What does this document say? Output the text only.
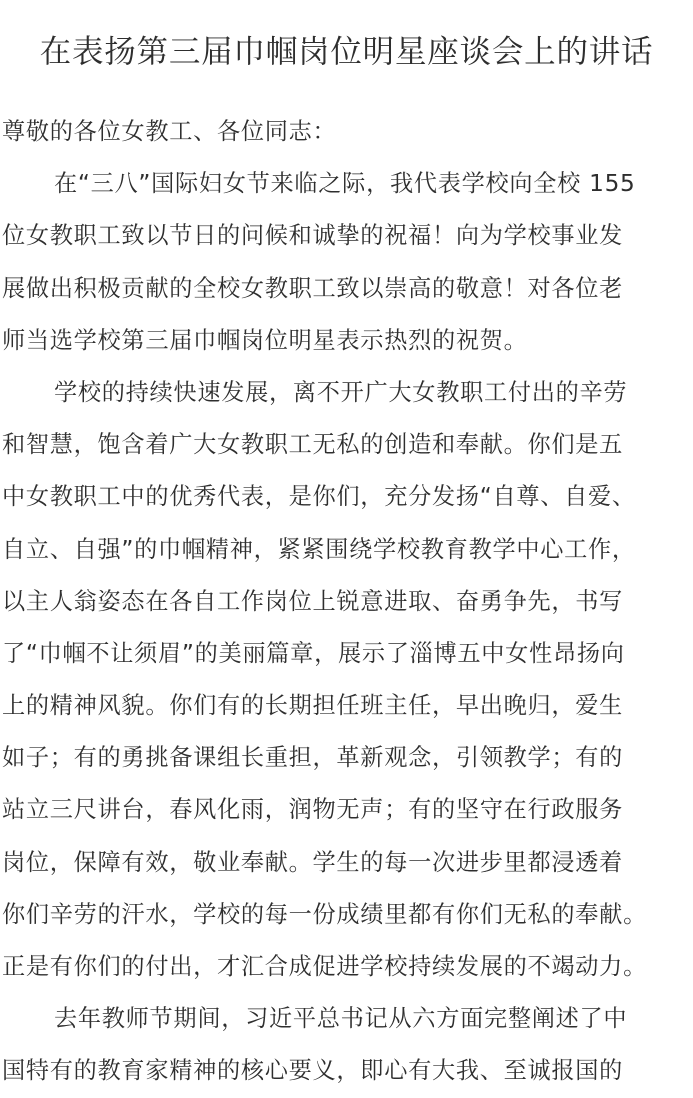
在表扬第三届巾帼岗位明星座谈会上的讲话
尊敬的各位女教工、各位同志：
在“三八”国际妇女节来临之际，我代表学校向全校 155
位女教职工致以节日的问候和诚挚的祝福！向为学校事业发
展做出积极贡献的全校女教职工致以崇高的敬意！对各位老
师当选学校第三届巾帼岗位明星表示热烈的祝贺。
学校的持续快速发展，离不开广大女教职工付出的辛劳
和智慧，饱含着广大女教职工无私的创造和奉献。你们是五
中女教职工中的优秀代表，是你们，充分发扬“自尊、自爱、
自立、自强”的巾帼精神，紧紧围绕学校教育教学中心工作，
以主人翁姿态在各自工作岗位上锐意进取、奋勇争先，书写
了“巾帼不让须眉”的美丽篇章，展示了淄博五中女性昂扬向
上的精神风貌。你们有的长期担任班主任，早出晚归，爱生
如子；有的勇挑备课组长重担，革新观念，引领教学；有的
站立三尺讲台，春风化雨，润物无声；有的坚守在行政服务
岗位，保障有效，敬业奉献。学生的每一次进步里都浸透着
你们辛劳的汗水，学校的每一份成绩里都有你们无私的奉献。
正是有你们的付出，才汇合成促进学校持续发展的不竭动力。
去年教师节期间，习近平总书记从六方面完整阐述了中
国特有的教育家精神的核心要义，即心有大我、至诚报国的
